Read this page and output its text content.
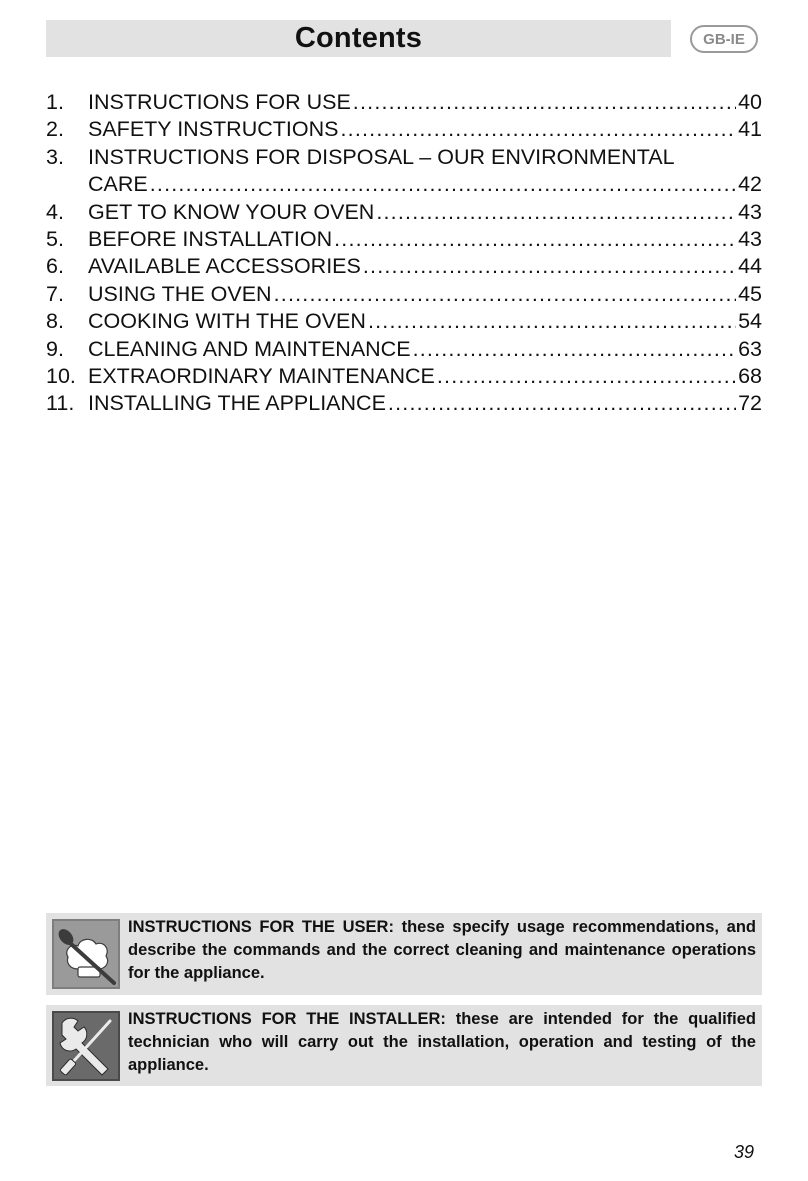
Contents	GB-IE
1.	INSTRUCTIONS FOR USE .....	40
2.	SAFETY INSTRUCTIONS .....	41
3.	INSTRUCTIONS FOR DISPOSAL – OUR ENVIRONMENTAL
CARE .....	42
4.	GET TO KNOW YOUR OVEN .....	43
5.	BEFORE INSTALLATION .....	43
6.	AVAILABLE ACCESSORIES .....	44
7.	USING THE OVEN .....	45
8.	COOKING WITH THE OVEN .....	54
9.	CLEANING AND MAINTENANCE .....	63
10. EXTRAORDINARY MAINTENANCE .....	68
11. INSTALLING THE APPLIANCE .....	72
INSTRUCTIONS FOR THE USER: these specify usage recommendations, and describe the commands and the correct cleaning and maintenance operations for the appliance.
INSTRUCTIONS FOR THE INSTALLER: these are intended for the qualified technician who will carry out the installation, operation and testing of the appliance.
39
